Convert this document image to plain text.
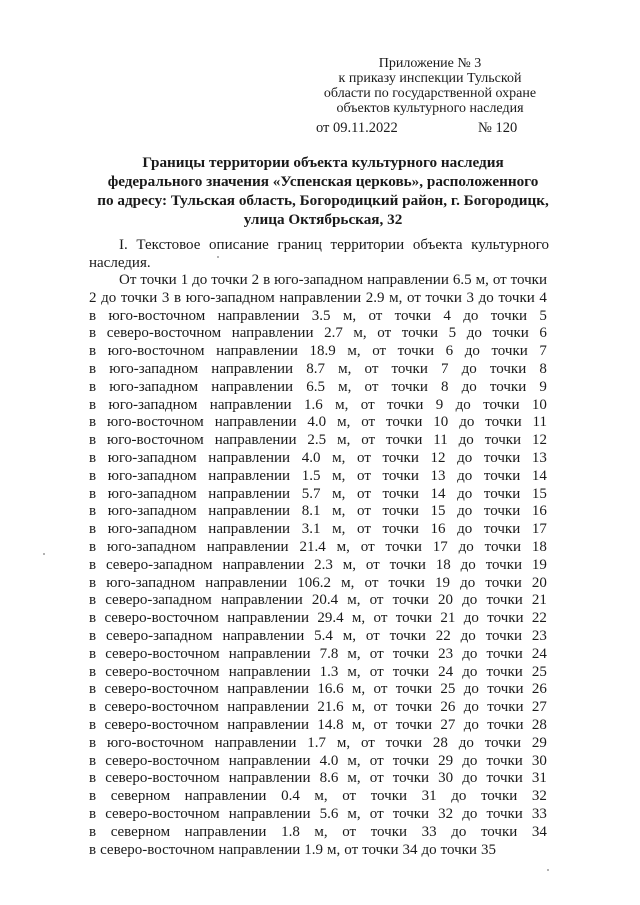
Приложение № 3
к приказу инспекции Тульской
области по государственной охране
объектов культурного наследия
от 09.11.2022	№ 120
Границы территории объекта культурного наследия
федерального значения «Успенская церковь», расположенного
по адресу: Тульская область, Богородицкий район, г. Богородицк,
улица Октябрьская, 32
I. Текстовое описание границ территории объекта культурного наследия.
От точки 1 до точки 2 в юго-западном направлении 6.5 м, от точки
2 до точки 3 в юго-западном направлении 2.9 м, от точки 3 до точки 4
в юго-восточном направлении 3.5 м, от точки 4 до точки 5
в северо-восточном направлении 2.7 м, от точки 5 до точки 6
в юго-восточном направлении 18.9 м, от точки 6 до точки 7
в юго-западном направлении 8.7 м, от точки 7 до точки 8
в юго-западном направлении 6.5 м, от точки 8 до точки 9
в юго-западном направлении 1.6 м, от точки 9 до точки 10
в юго-восточном направлении 4.0 м, от точки 10 до точки 11
в юго-восточном направлении 2.5 м, от точки 11 до точки 12
в юго-западном направлении 4.0 м, от точки 12 до точки 13
в юго-западном направлении 1.5 м, от точки 13 до точки 14
в юго-западном направлении 5.7 м, от точки 14 до точки 15
в юго-западном направлении 8.1 м, от точки 15 до точки 16
в юго-западном направлении 3.1 м, от точки 16 до точки 17
в юго-западном направлении 21.4 м, от точки 17 до точки 18
в северо-западном направлении 2.3 м, от точки 18 до точки 19
в юго-западном направлении 106.2 м, от точки 19 до точки 20
в северо-западном направлении 20.4 м, от точки 20 до точки 21
в северо-восточном направлении 29.4 м, от точки 21 до точки 22
в северо-западном направлении 5.4 м, от точки 22 до точки 23
в северо-восточном направлении 7.8 м, от точки 23 до точки 24
в северо-восточном направлении 1.3 м, от точки 24 до точки 25
в северо-восточном направлении 16.6 м, от точки 25 до точки 26
в северо-восточном направлении 21.6 м, от точки 26 до точки 27
в северо-восточном направлении 14.8 м, от точки 27 до точки 28
в юго-восточном направлении 1.7 м, от точки 28 до точки 29
в северо-восточном направлении 4.0 м, от точки 29 до точки 30
в северо-восточном направлении 8.6 м, от точки 30 до точки 31
в северном направлении 0.4 м, от точки 31 до точки 32
в северо-восточном направлении 5.6 м, от точки 32 до точки 33
в северном направлении 1.8 м, от точки 33 до точки 34
в северо-восточном направлении 1.9 м, от точки 34 до точки 35
